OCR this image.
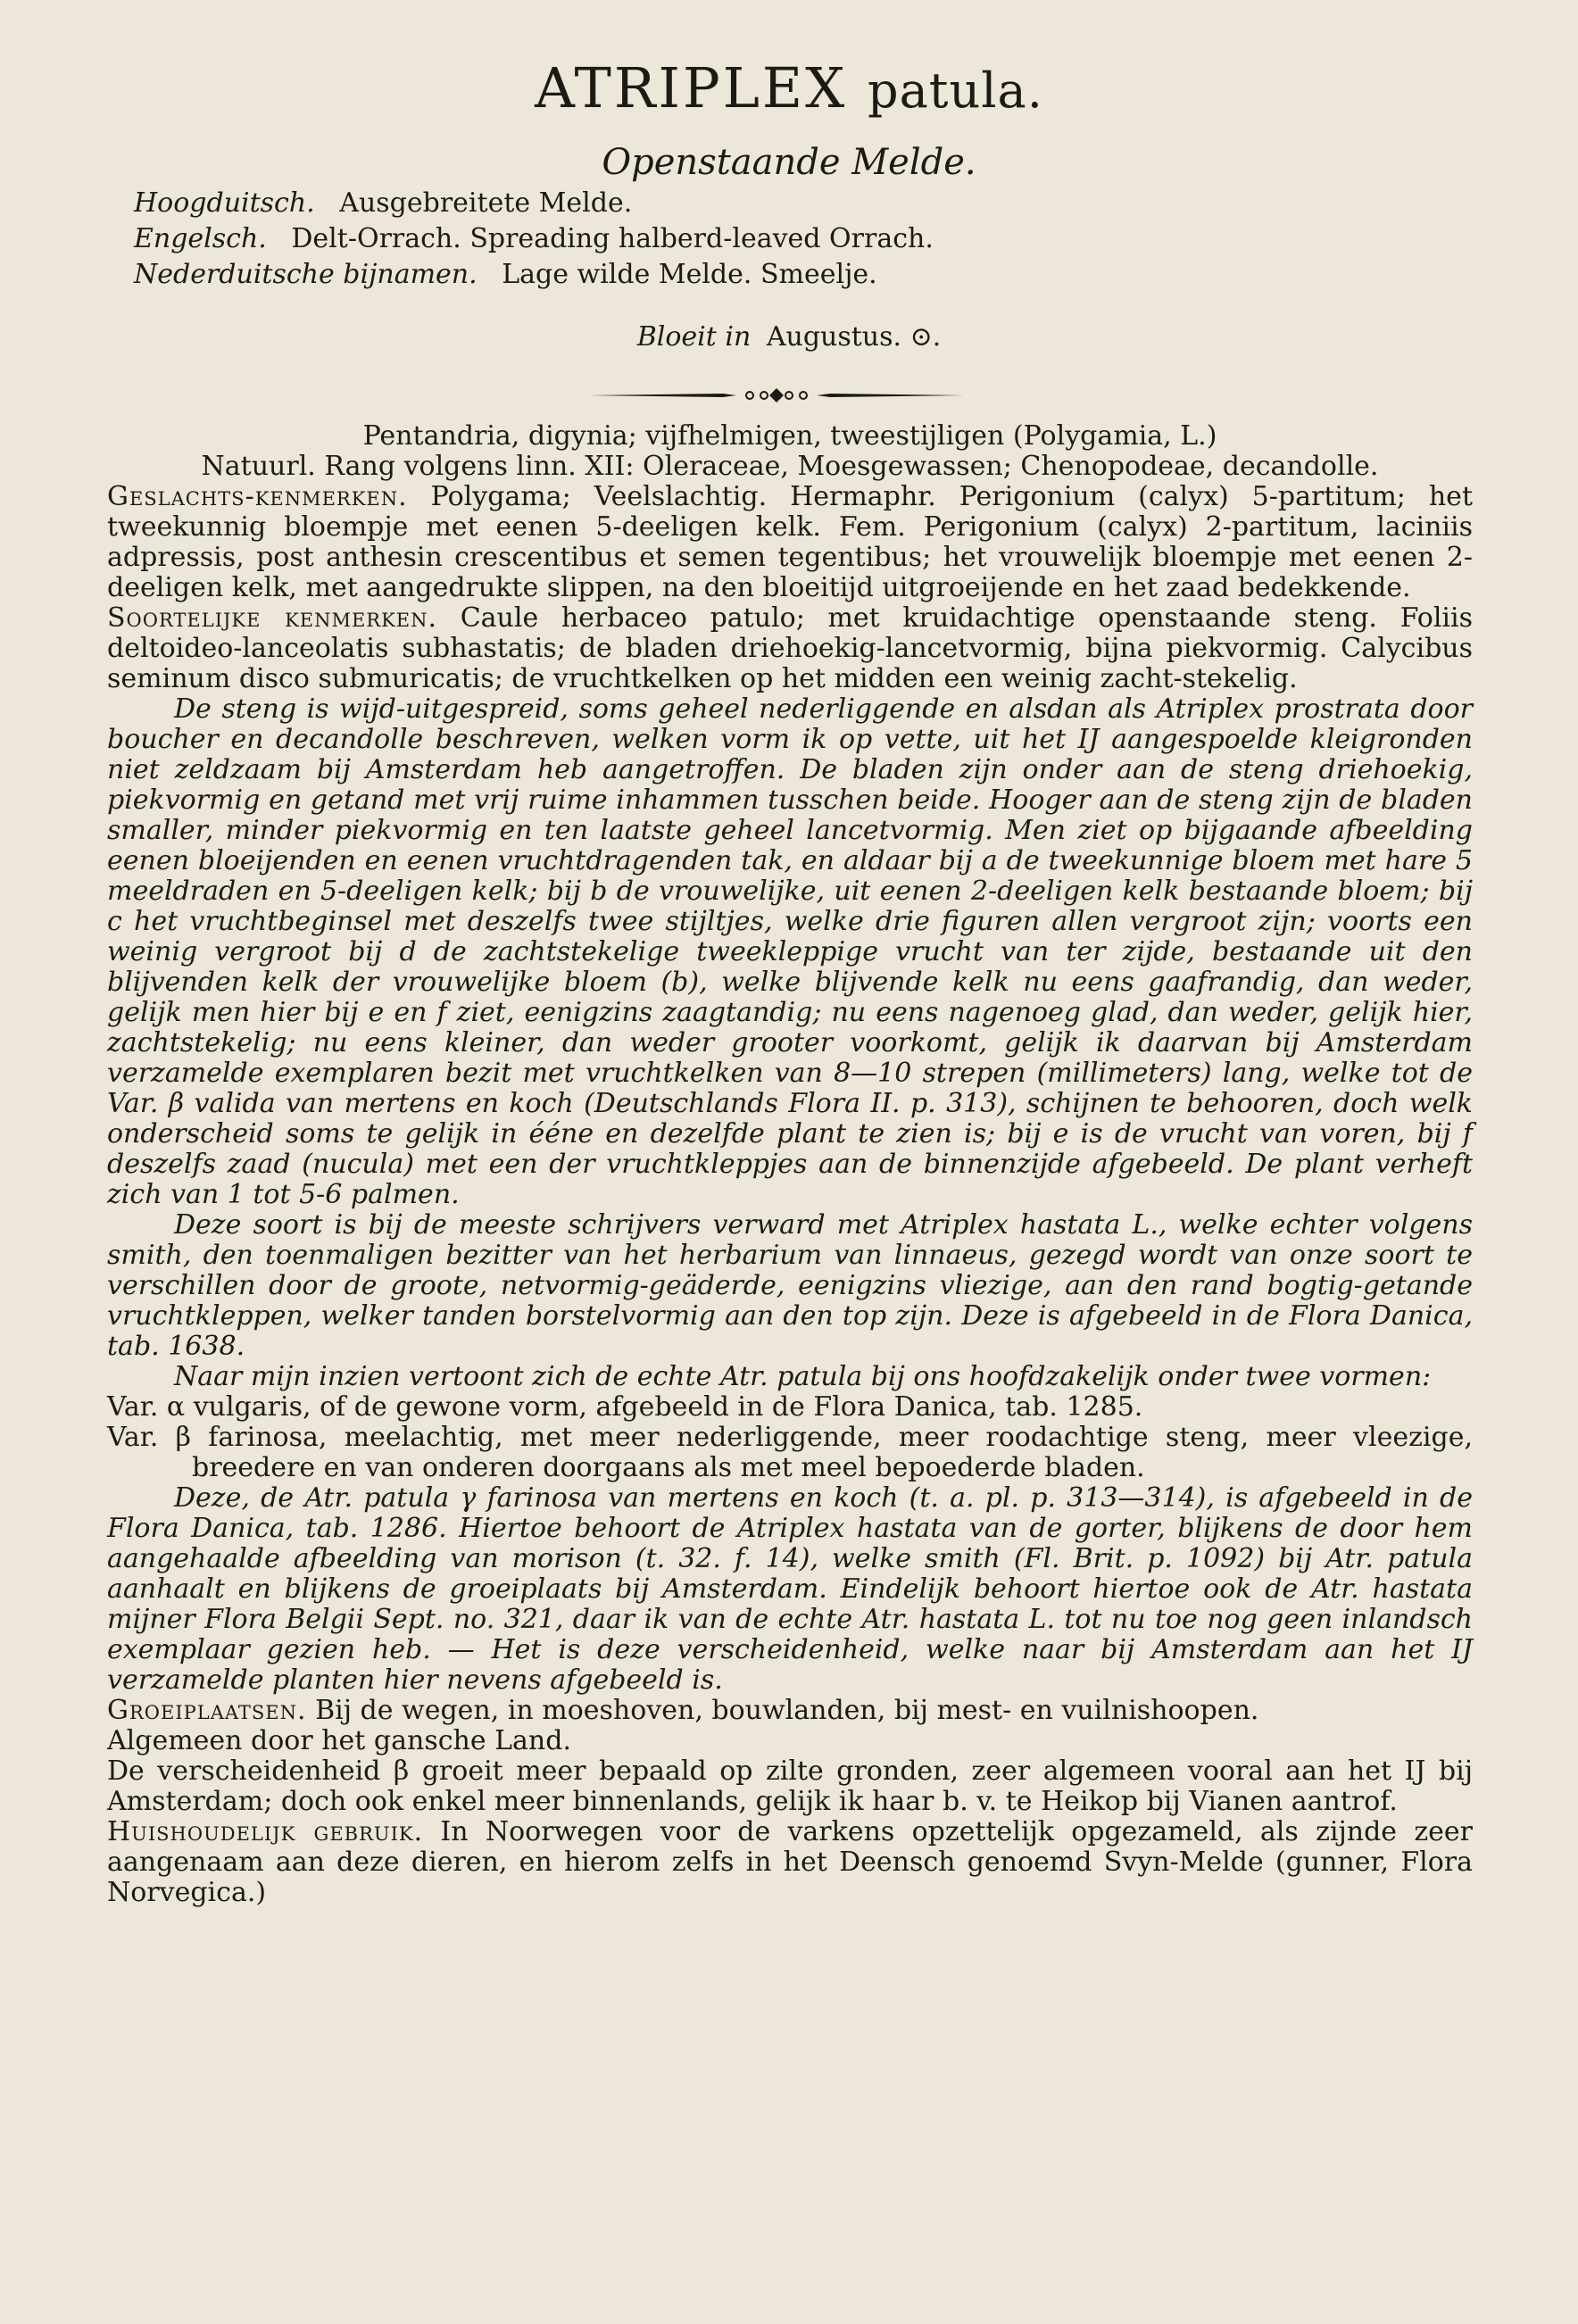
ATRIPLEX patula.
Openstaande Melde.
Hoogduitsch. Ausgebreitete Melde.
Engelsch. Delt-Orrach. Spreading halberd-leaved Orrach.
Nederduitsche bijnamen. Lage wilde Melde. Smeelje.
Bloeit in Augustus. ⊙.

Pentandria, digynia; vijfhelmigen, tweestijligen (Polygamia, L.)

Natuurl. Rang volgens linn. XII: Oleraceae, Moesgewassen; Chenopodeae, decandolle.

Geslachts-kenmerken. Polygama; Veelslachtig. Hermaphr. Perigonium (calyx) 5-partitum; het tweekunnig bloempje met eenen 5-deeligen kelk. Fem. Perigonium (calyx) 2-partitum, laciniis adpressis, post anthesin crescentibus et semen tegentibus; het vrouwelijk bloempje met eenen 2-deeligen kelk, met aangedrukte slippen, na den bloeitijd uitgroeijende en het zaad bedekkende.

Soortelijke kenmerken. Caule herbaceo patulo; met kruidachtige openstaande steng. Foliis deltoideo-lanceolatis subhastatis; de bladen driehoekig-lancetvormig, bijna piekvormig. Calycibus seminum disco submuricatis; de vruchtkelken op het midden een weinig zacht-stekelig.

De steng is wijd-uitgespreid, soms geheel nederliggende en alsdan als Atriplex prostrata door boucher en decandolle beschreven, welken vorm ik op vette, uit het IJ aangespoelde kleigronden niet zeldzaam bij Amsterdam heb aangetroffen. De bladen zijn onder aan de steng driehoekig, piekvormig en getand met vrij ruime inhammen tusschen beide. Hooger aan de steng zijn de bladen smaller, minder piekvormig en ten laatste geheel lancetvormig. Men ziet op bijgaande afbeelding eenen bloeijenden en eenen vruchtdragenden tak, en aldaar bij a de tweekunnige bloem met hare 5 meeldraden en 5-deeligen kelk; bij b de vrouwelijke, uit eenen 2-deeligen kelk bestaande bloem; bij c het vruchtbeginsel met deszelfs twee stijltjes, welke drie figuren allen vergroot zijn; voorts een weinig vergroot bij d de zachtstekelige tweekleppige vrucht van ter zijde, bestaande uit den blijvenden kelk der vrouwelijke bloem (b), welke blijvende kelk nu eens gaafrandig, dan weder, gelijk men hier bij e en f ziet, eenigzins zaagtandig; nu eens nagenoeg glad, dan weder, gelijk hier, zachtstekelig; nu eens kleiner, dan weder grooter voorkomt, gelijk ik daarvan bij Amsterdam verzamelde exemplaren bezit met vruchtkelken van 8—10 strepen (millimeters) lang, welke tot de Var. β valida van mertens en koch (Deutschlands Flora II. p. 313), schijnen te behooren, doch welk onderscheid soms te gelijk in ééne en dezelfde plant te zien is; bij e is de vrucht van voren, bij f deszelfs zaad (nucula) met een der vruchtkleppjes aan de binnenzijde afgebeeld. De plant verheft zich van 1 tot 5-6 palmen.

Deze soort is bij de meeste schrijvers verward met Atriplex hastata L., welke echter volgens smith, den toenmaligen bezitter van het herbarium van linnaeus, gezegd wordt van onze soort te verschillen door de groote, netvormig-geäderde, eenigzins vliezige, aan den rand bogtig-getande vruchtkleppen, welker tanden borstelvormig aan den top zijn. Deze is afgebeeld in de Flora Danica, tab. 1638.

Naar mijn inzien vertoont zich de echte Atr. patula bij ons hoofdzakelijk onder twee vormen:

Var. α vulgaris, of de gewone vorm, afgebeeld in de Flora Danica, tab. 1285.

Var. β farinosa, meelachtig, met meer nederliggende, meer roodachtige steng, meer vleezige, breedere en van onderen doorgaans als met meel bepoederde bladen.

Deze, de Atr. patula γ farinosa van mertens en koch (t. a. pl. p. 313—314), is afgebeeld in de Flora Danica, tab. 1286. Hiertoe behoort de Atriplex hastata van de gorter, blijkens de door hem aangehaalde afbeelding van morison (t. 32. f. 14), welke smith (Fl. Brit. p. 1092) bij Atr. patula aanhaalt en blijkens de groeiplaats bij Amsterdam. Eindelijk behoort hiertoe ook de Atr. hastata mijner Flora Belgii Sept. no. 321, daar ik van de echte Atr. hastata L. tot nu toe nog geen inlandsch exemplaar gezien heb. — Het is deze verscheidenheid, welke naar bij Amsterdam aan het IJ verzamelde planten hier nevens afgebeeld is.

Groeiplaatsen. Bij de wegen, in moeshoven, bouwlanden, bij mest- en vuilnishoopen.

Algemeen door het gansche Land.

De verscheidenheid β groeit meer bepaald op zilte gronden, zeer algemeen vooral aan het IJ bij Amsterdam; doch ook enkel meer binnenlands, gelijk ik haar b. v. te Heikop bij Vianen aantrof.

Huishoudelijk gebruik. In Noorwegen voor de varkens opzettelijk opgezameld, als zijnde zeer aangenaam aan deze dieren, en hierom zelfs in het Deensch genoemd Svyn-Melde (gunner, Flora Norvegica.)
